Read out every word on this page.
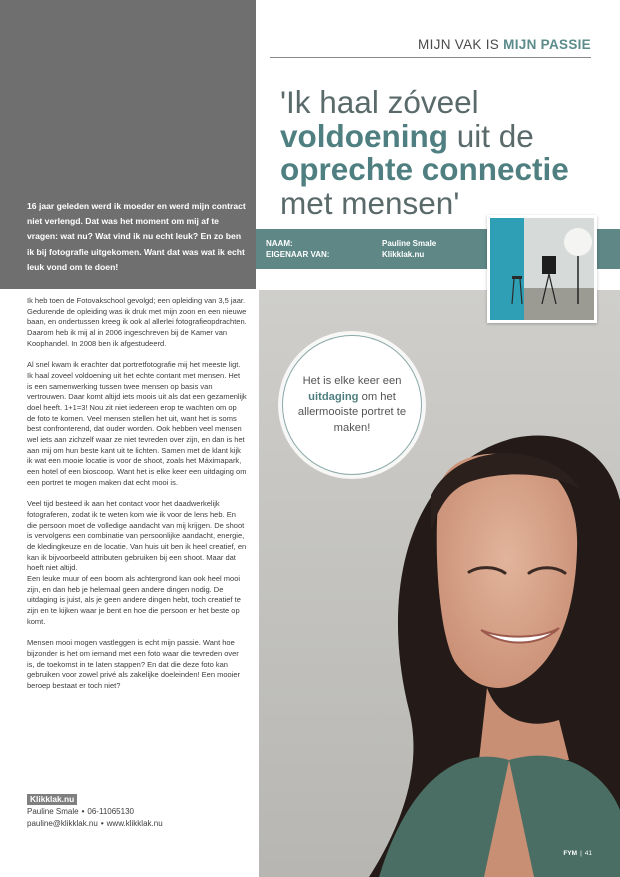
16 jaar geleden werd ik moeder en werd mijn contract niet verlengd. Dat was het moment om mij af te vragen: wat nu? Wat vind ik nu echt leuk? En zo ben ik bij fotografie uitgekomen. Want dat was wat ik echt leuk vond om te doen!

MIJN VAK IS MIJN PASSIE
'Ik haal zóveel
voldoening uit de
oprechte connectie
met mensen'
NAAM:	Pauline Smale
EIGENAAR VAN:	Klikklak.nu

Het is elke keer een uitdaging om het allermooiste portret te maken!

Ik heb toen de Fotovakschool gevolgd; een opleiding van 3,5 jaar. Gedurende de opleiding was ik druk met mijn zoon en een nieuwe baan, en ondertussen kreeg ik ook al allerlei fotografieopdrachten. Daarom heb ik mij al in 2006 ingeschreven bij de Kamer van Koophandel. In 2008 ben ik afgestudeerd.

Al snel kwam ik erachter dat portretfotografie mij het meeste ligt. Ik haal zoveel voldoening uit het echte contant met mensen. Het is een samenwerking tussen twee mensen op basis van vertrouwen. Daar komt altijd iets moois uit als dat een gezamenlijk doel heeft. 1+1=3! Nou zit niet iedereen erop te wachten om op de foto te komen. Veel mensen stellen het uit, want het is soms best confronterend, dat ouder worden. Ook hebben veel mensen wel iets aan zichzelf waar ze niet tevreden over zijn, en dan is het aan mij om hun beste kant uit te lichten. Samen met de klant kijk ik wat een mooie locatie is voor de shoot, zoals het Máximapark, een hotel of een bioscoop. Want het is elke keer een uitdaging om een portret te mogen maken dat echt mooi is.

Veel tijd besteed ik aan het contact voor het daadwerkelijk fotograferen, zodat ik te weten kom wie ik voor de lens heb. En die persoon moet de volledige aandacht van mij krijgen. De shoot is vervolgens een combinatie van persoonlijke aandacht, energie, de kledingkeuze en de locatie. Van huis uit ben ik heel creatief, en kan ik bijvoorbeeld attributen gebruiken bij een shoot. Maar dat hoeft niet altijd.

Een leuke muur of een boom als achtergrond kan ook heel mooi zijn, en dan heb je helemaal geen andere dingen nodig. De uitdaging is juist, als je geen andere dingen hebt, toch creatief te zijn en te kijken waar je bent en hoe die persoon er het beste op komt.

Mensen mooi mogen vastleggen is echt mijn passie. Want hoe bijzonder is het om iemand met een foto waar die tevreden over is, de toekomst in te laten stappen? En dat die deze foto kan gebruiken voor zowel privé als zakelijke doeleinden! Een mooier beroep bestaat er toch niet?

Klikklak.nu
Pauline Smale • 06-11065130
pauline@klikklak.nu • www.klikklak.nu
FYM | 41
